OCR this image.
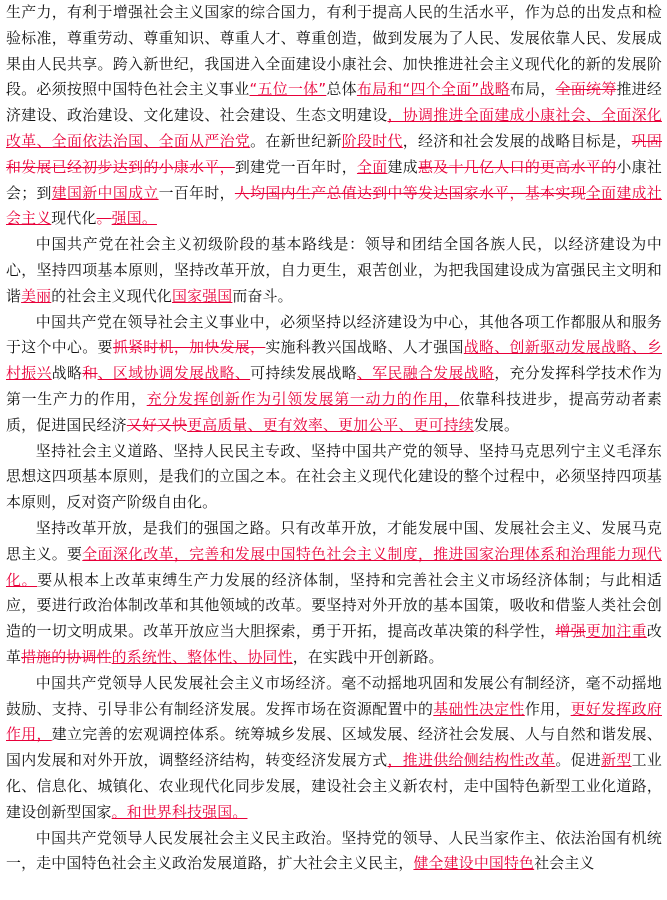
生产力，有利于增强社会主义国家的综合国力，有利于提高人民的生活水平，作为总的出发点和检验标准，尊重劳动、尊重知识、尊重人才、尊重创造，做到发展为了人民、发展依靠人民、发展成果由人民共享。跨入新世纪，我国进入全面建设小康社会、加快推进社会主义现代化的新的发展阶段。必须按照中国特色社会主义事业“五位一体”总体布局和“四个全面”战略布局，全面统筹推进经济建设、政治建设、文化建设、社会建设、生态文明建设，协调推进全面建成小康社会、全面深化改革、全面依法治国、全面从严治党。在新世纪新阶段时代，经济和社会发展的战略目标是，巩固和发展已经初步达到的小康水平，到建党一百年时，全面建成惠及十几亿人口的更高水平的小康社会；到建国新中国成立一百年时，人均国内生产总值达到中等发达国家水平，基本实现全面建成社会主义现代化。强国。

中国共产党在社会主义初级阶段的基本路线是：领导和团结全国各族人民，以经济建设为中心，坚持四项基本原则，坚持改革开放，自力更生，艰苦创业，为把我国建设成为富强民主文明和谐美丽的社会主义现代化国家强国而奋斗。

中国共产党在领导社会主义事业中，必须坚持以经济建设为中心，其他各项工作都服从和服务于这个中心。要抓紧时机，加快发展，实施科教兴国战略、人才强国战略、创新驱动发展战略、乡村振兴战略和、区域协调发展战略、可持续发展战略、军民融合发展战略，充分发挥科学技术作为第一生产力的作用，充分发挥创新作为引领发展第一动力的作用，依靠科技进步，提高劳动者素质，促进国民经济又好又快更高质量、更有效率、更加公平、更可持续发展。

坚持社会主义道路、坚持人民民主专政、坚持中国共产党的领导、坚持马克思列宁主义毛泽东思想这四项基本原则，是我们的立国之本。在社会主义现代化建设的整个过程中，必须坚持四项基本原则，反对资产阶级自由化。

坚持改革开放，是我们的强国之路。只有改革开放，才能发展中国、发展社会主义、发展马克思主义。要全面深化改革，完善和发展中国特色社会主义制度，推进国家治理体系和治理能力现代化。要从根本上改革束缚生产力发展的经济体制，坚持和完善社会主义市场经济体制；与此相适应，要进行政治体制改革和其他领域的改革。要坚持对外开放的基本国策，吸收和借鉴人类社会创造的一切文明成果。改革开放应当大胆探索，勇于开拓，提高改革决策的科学性，增强更加注重改革措施的协调性的系统性、整体性、协同性，在实践中开创新路。

中国共产党领导人民发展社会主义市场经济。毫不动摇地巩固和发展公有制经济，毫不动摇地鼓励、支持、引导非公有制经济发展。发挥市场在资源配置中的基础性决定性作用，更好发挥政府作用，建立完善的宏观调控体系。统筹城乡发展、区域发展、经济社会发展、人与自然和谐发展、国内发展和对外开放，调整经济结构，转变经济发展方式，推进供给侧结构性改革。促进新型工业化、信息化、城镇化、农业现代化同步发展，建设社会主义新农村，走中国特色新型工业化道路，建设创新型国家。和世界科技强国。

中国共产党领导人民发展社会主义民主政治。坚持党的领导、人民当家作主、依法治国有机统一，走中国特色社会主义政治发展道路，扩大社会主义民主，健全建设中国特色社会主义
